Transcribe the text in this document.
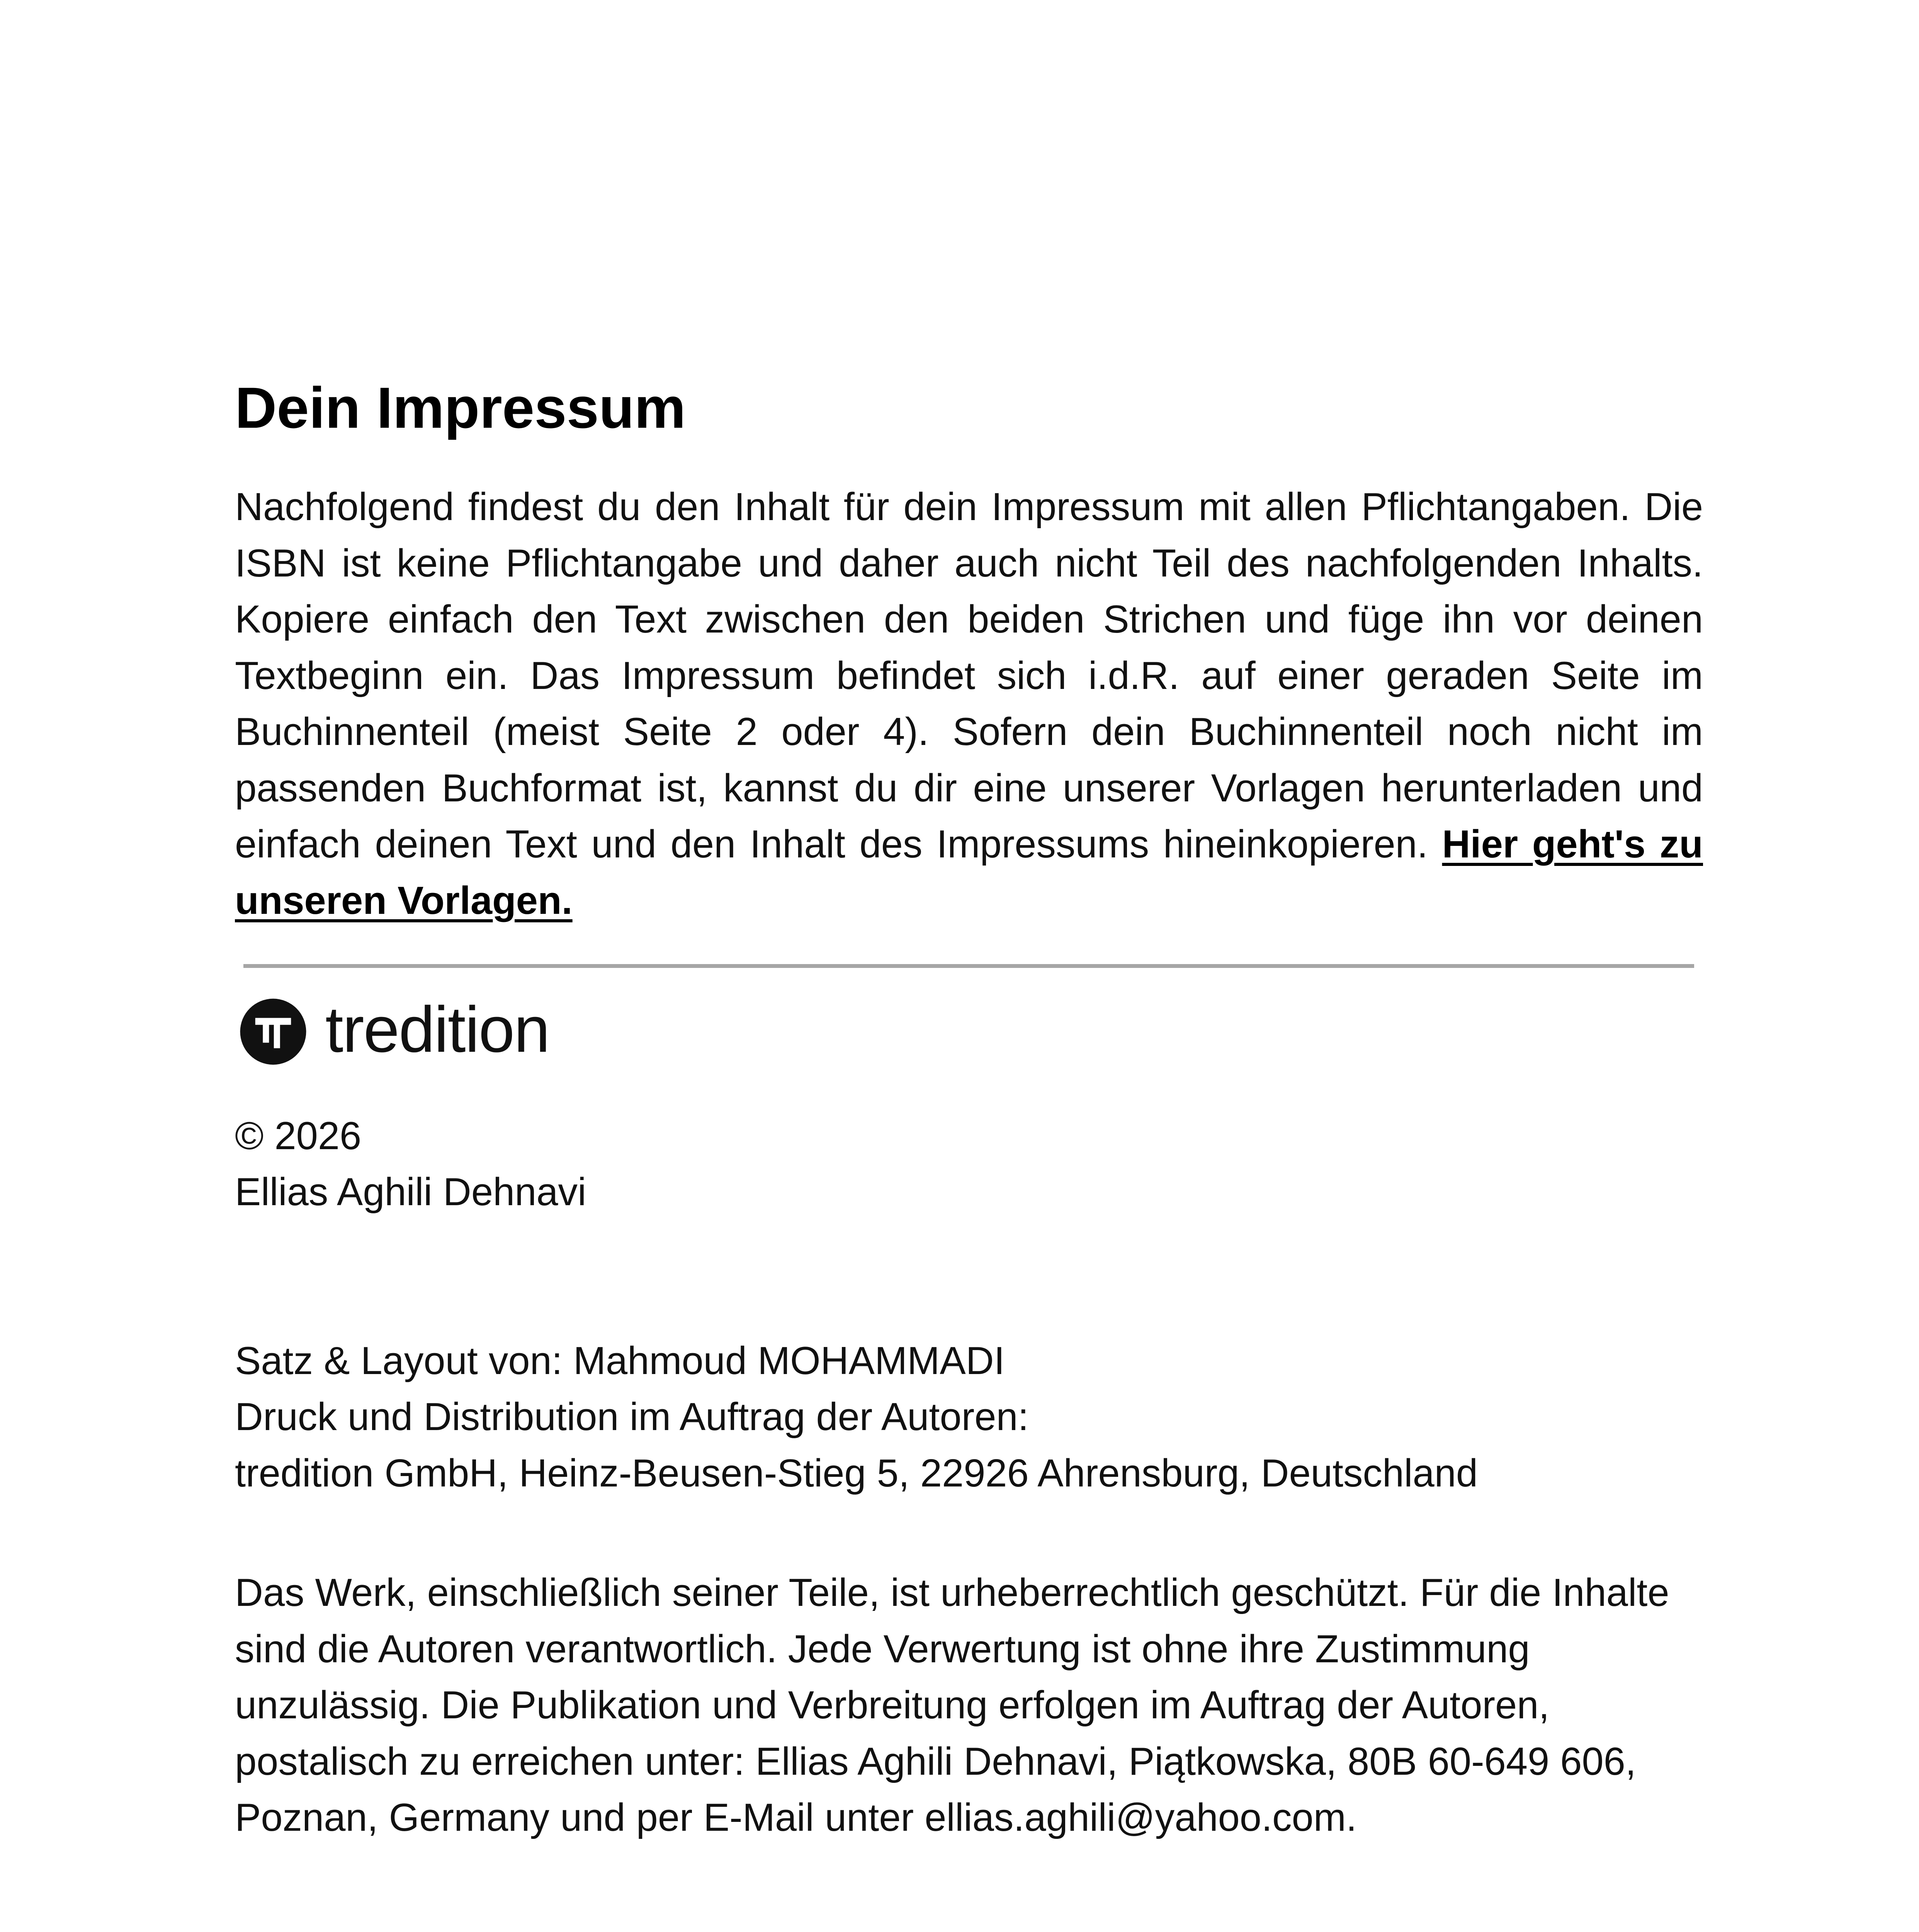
Dein Impressum

Nachfolgend findest du den Inhalt für dein Impressum mit allen Pflichtangaben. Die ISBN ist keine Pflichtangabe und daher auch nicht Teil des nachfolgenden Inhalts. Kopiere einfach den Text zwischen den beiden Strichen und füge ihn vor deinen Textbeginn ein. Das Impressum befindet sich i.d.R. auf einer geraden Seite im Buchinnenteil (meist Seite 2 oder 4). Sofern dein Buchinnenteil noch nicht im passenden Buchformat ist, kannst du dir eine unserer Vorlagen herunterladen und einfach deinen Text und den Inhalt des Impressums hineinkopieren. Hier geht's zu unseren Vorlagen.

tredition

© 2026

Ellias Aghili Dehnavi

Satz & Layout von: Mahmoud MOHAMMADI

Druck und Distribution im Auftrag der Autoren:

tredition GmbH, Heinz-Beusen-Stieg 5, 22926 Ahrensburg, Deutschland

Das Werk, einschließlich seiner Teile, ist urheberrechtlich geschützt. Für die Inhalte
sind die Autoren verantwortlich. Jede Verwertung ist ohne ihre Zustimmung
unzulässig. Die Publikation und Verbreitung erfolgen im Auftrag der Autoren,
postalisch zu erreichen unter: Ellias Aghili Dehnavi, Piątkowska, 80B 60-649 606,
Poznan, Germany und per E-Mail unter ellias.aghili@yahoo.com.
